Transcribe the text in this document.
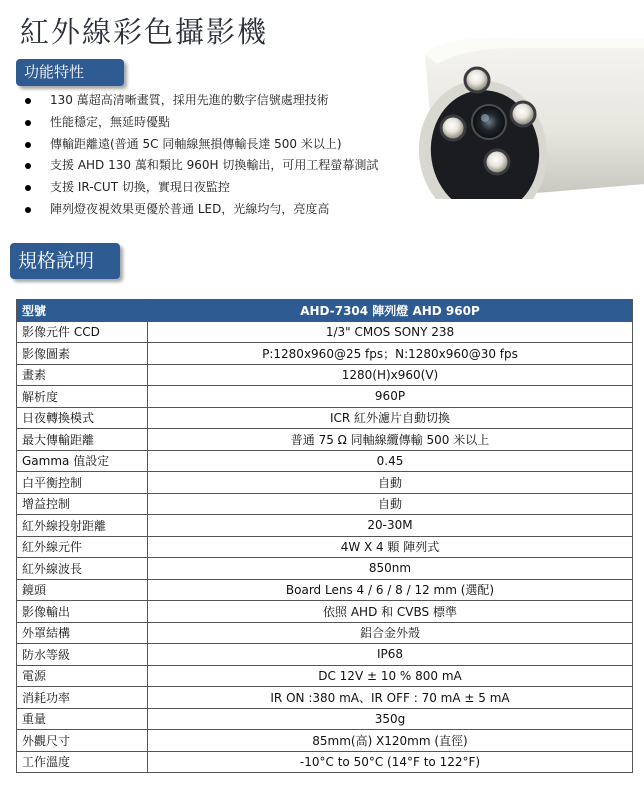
紅外線彩色攝影機
功能特性
130 萬超高清晰畫質，採用先進的數字信號處理技術
性能穩定，無延時優點
傳輸距離遠(普通 5C 同軸線無損傳輸長達 500 米以上)
支援 AHD 130 萬和類比 960H 切換輸出，可用工程螢幕測試
支援 IR-CUT 切換，實現日夜監控
陣列燈夜視效果更優於普通 LED，光線均勻，亮度高
規格說明
型號	AHD-7304 陣列燈 AHD 960P
影像元件 CCD	1/3" CMOS SONY 238
影像圖素	P:1280x960@25 fps；N:1280x960@30 fps
畫素	1280(H)x960(V)
解析度	960P
日夜轉換模式	ICR 紅外濾片自動切換
最大傳輸距離	普通 75 Ω 同軸線纜傳輸 500 米以上
Gamma 值設定	0.45
白平衡控制	自動
增益控制	自動
紅外線投射距離	20-30M
紅外線元件	4W X 4 顆 陣列式
紅外線波長	850nm
鏡頭	Board Lens 4 / 6 / 8 / 12 mm (選配)
影像輸出	依照 AHD 和 CVBS 標準
外罩結構	鋁合金外殼
防水等級	IP68
電源	DC 12V ± 10 % 800 mA
消耗功率	IR ON :380 mA、IR OFF : 70 mA ± 5 mA
重量	350g
外觀尺寸	85mm(高) X120mm (直徑)
工作溫度	-10°C to 50°C (14°F to 122°F)
